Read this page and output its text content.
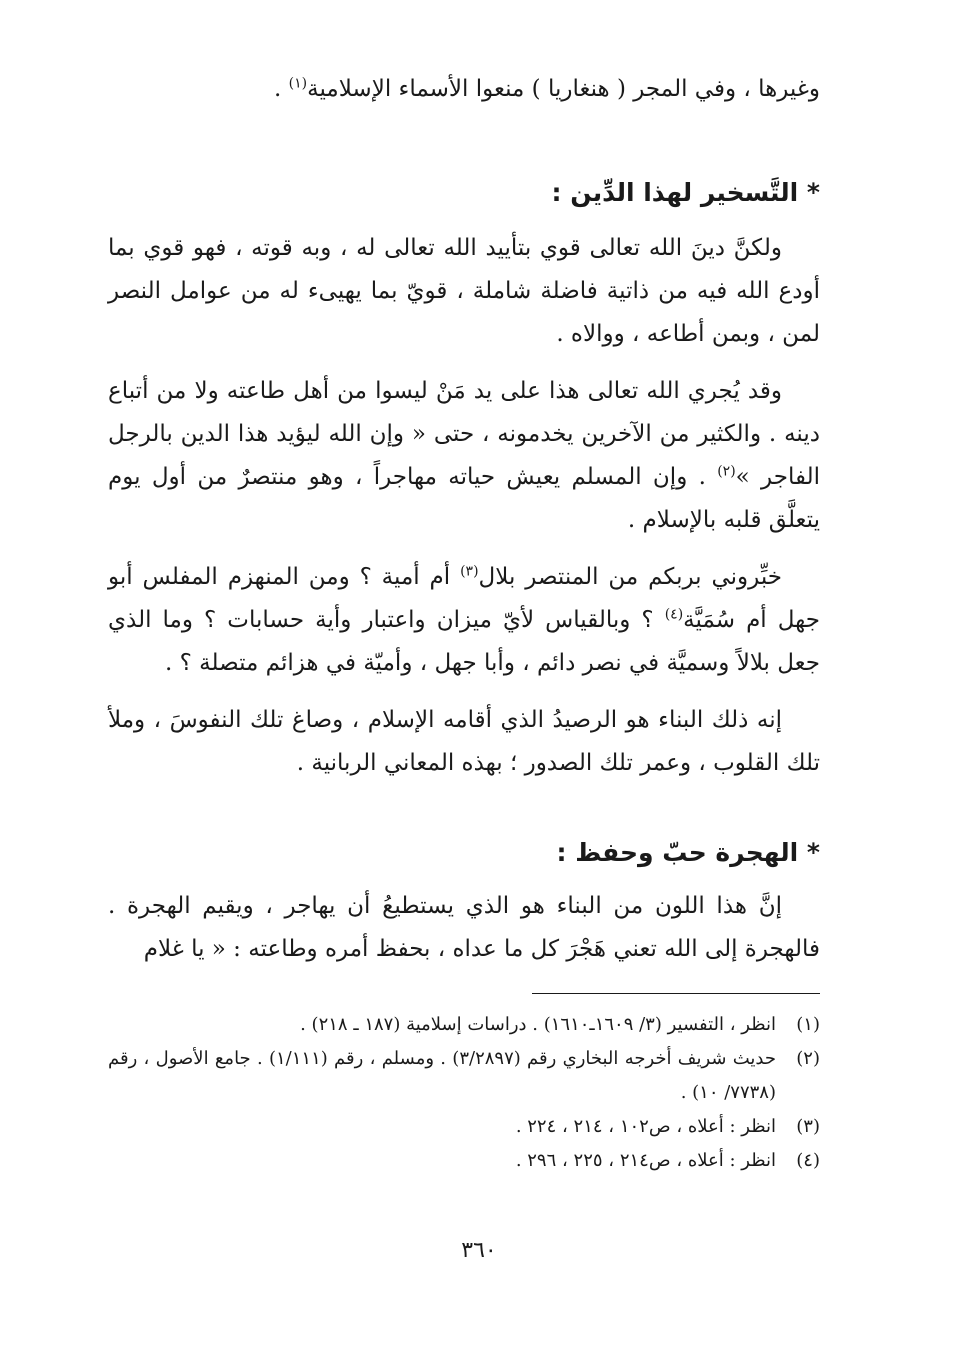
وغيرها ، وفي المجر ( هنغاريا ) منعوا الأسماء الإسلامية$^{(١)}$ .

* التَّسخير لهذا الدِّين :

ولكنَّ دينَ الله تعالى قوي بتأييد الله تعالى له ، وبه قوته ، فهو قوي بما أودع الله فيه من ذاتية فاضلة شاملة ، قويّ بما يهيىء له من عوامل النصر لمن ، وبمن أطاعه ، ووالاه .

وقد يُجري الله تعالى هذا على يد مَنْ ليسوا من أهل طاعته ولا من أتباع دينه . والكثير من الآخرين يخدمونه ، حتى « وإن الله ليؤيد هذا الدين بالرجل الفاجر »$^{(٢)}$ . وإن المسلم يعيش حياته مهاجراً ، وهو منتصرٌ من أول يوم يتعلَّق قلبه بالإسلام .

خبِّروني بربكم من المنتصر بلال$^{(٣)}$ أم أمية ؟ ومن المنهزم المفلس أبو جهل أم سُمَيَّة$^{(٤)}$ ؟ وبالقياس لأيّ ميزان واعتبار وأية حسابات ؟ وما الذي جعل بلالاً وسميَّة في نصر دائم ، وأبا جهل ، وأميّة في هزائم متصلة ؟ .

إنه ذلك البناء هو الرصيدُ الذي أقامه الإسلام ، وصاغ تلك النفوسَ ، وملأ تلك القلوب ، وعمر تلك الصدور ؛ بهذه المعاني الربانية .

* الهجرة حبّ وحفظ :

إنَّ هذا اللون من البناء هو الذي يستطيعُ أن يهاجر ، ويقيم الهجرة . فالهجرة إلى الله تعني هَجْرَ كل ما عداه ، بحفظ أمره وطاعته : « يا غلام

(١)
انظر ، التفسير (٣/ ١٦٠٩ـ١٦١٠) . دراسات إسلامية (١٨٧ ـ ٢١٨) .
(٢)
حديث شريف أخرجه البخاري رقم (٣/٢٨٩٧) . ومسلم ، رقم (١/١١١) . جامع الأصول ، رقم (٧٧٣٨/ ١٠) .
(٣)
انظر : أعلاه ، ص١٠٢ ، ٢١٤ ، ٢٢٤ .
(٤)
انظر : أعلاه ، ص٢١٤ ، ٢٢٥ ، ٢٩٦ .
٣٦٠
